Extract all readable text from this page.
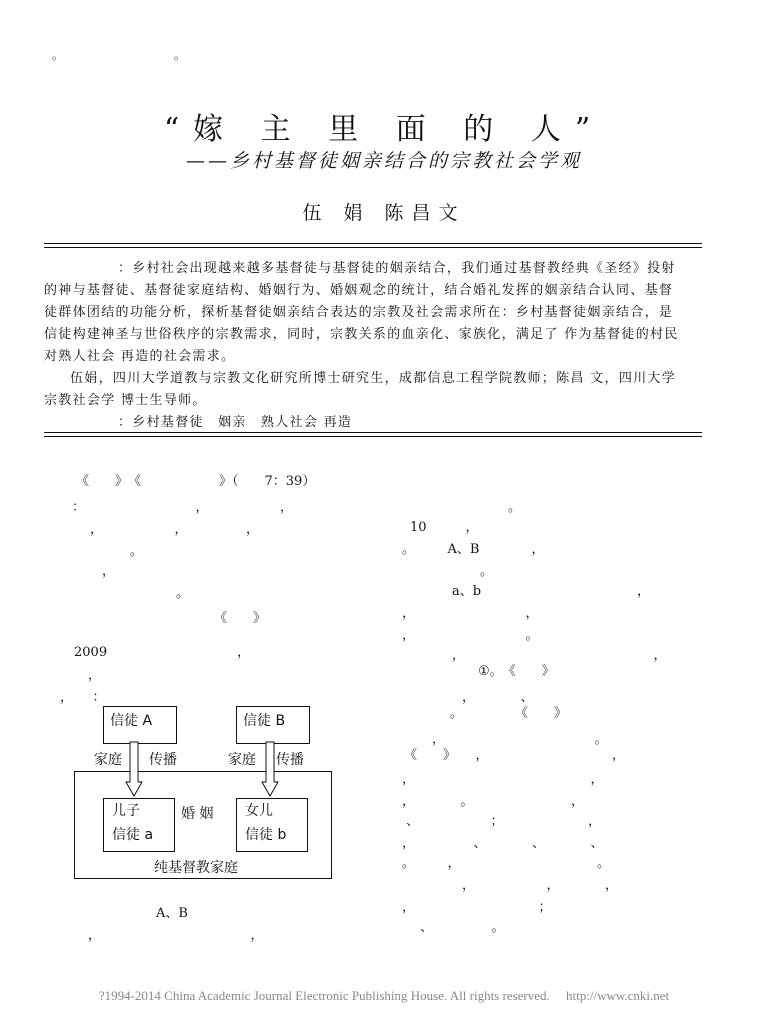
。	。
“嫁 主 里 面 的 人”
——乡村基督徒姻亲结合的宗教社会学观
伍 娟 陈昌文

：乡村社会出现越来越多基督徒与基督徒的姻亲结合，我们通过基督教经典《圣经》投射

的神与基督徒、基督徒家庭结构、婚姻行为、婚姻观念的统计，结合婚礼发挥的姻亲结合认同、基督

徒群体团结的功能分析，探析基督徒姻亲结合表达的宗教及社会需求所在：乡村基督徒姻亲结合，是

信徒构建神圣与世俗秩序的宗教需求，同时，宗教关系的血亲化、家族化，满足了 作为基督徒的村民

对熟人社会 再造的社会需求。

伍娟，四川大学道教与宗教文化研究所博士研究生，成都信息工程学院教师；陈昌 文，四川大学

宗教社会学 博士生导师。

：乡村基督徒　姻亲　熟人社会 再造

《　　》　《　　　　　　》（　　7：39）
：　　　　　　　　　，　　　　　　，
，　　　　　　，　　　　　，
。
，
。
《　　》
2009　　　　　　　　　　，
，
，　　：
A、B
，　　　　　　　　　　　　，
。
10　　　，
。　　　A、B　　　　，
。
a、b　　　　　　　　　　　　，
，　　　　　　　　　，
，　　　　　　　　　。
，　　　　　　　　　　　　　　　，
①。　《　　》
，　　　　、
。　　　　　《　　》
，　　　　　　　　　　　　。
《　　》　　，　　　　　　　　　　，
，　　　　　　　　　　　　　　，
，　　　　。　　　　　　　　，
、　　　　　　；　　　　　　　，
，　　　　　、　　　　、　　　　、
。　　　，　　　　　　　　　　　。
，　　　　　　，　　　　，
，　　　　　　　　　　；
、　　　　　。
信徒 A	信徒 B
家庭 传播	家庭 传播
儿子
信徒 a
婚 姻 女儿
信徒 b
纯基督教家庭
?1994-2014 China Academic Journal Electronic Publishing House. All rights reserved.　 http://www.cnki.net
